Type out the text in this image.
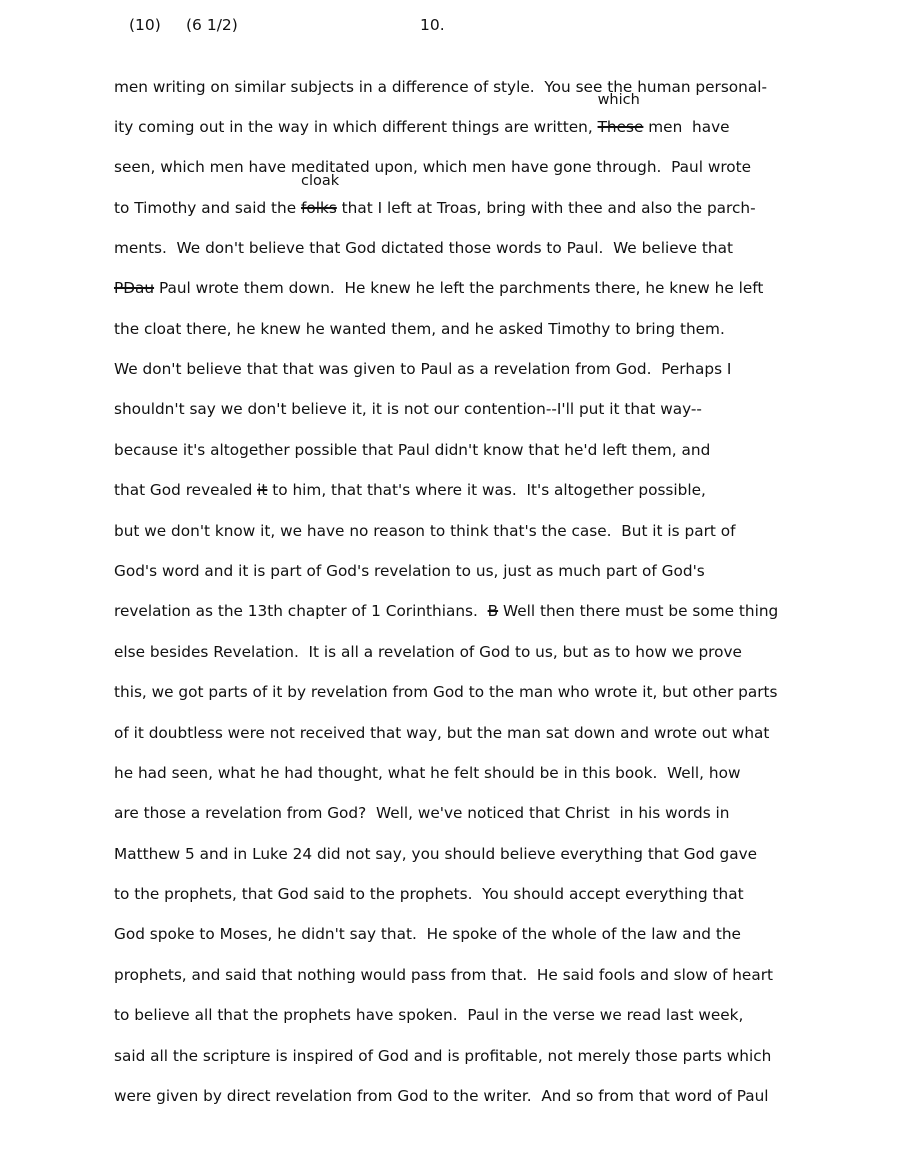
(10) (6 1/2)	10.
men writing on similar subjects in a difference of style.  You see the human personal-
ity coming out in the way in which different things are written,
which
These men  have
seen, which men have meditated upon, which men have gone through.  Paul wrote
to Timothy and said the
cloak
folks that I left at Troas, bring with thee and also the parch-
ments.  We don't believe that God dictated those words to Paul.  We believe that
PDau Paul wrote them down.  He knew he left the parchments there, he knew he left
the cloat there, he knew he wanted them, and he asked Timothy to bring them.
We don't believe that that was given to Paul as a revelation from God.  Perhaps I
shouldn't say we don't believe it, it is not our contention--I'll put it that way--
because it's altogether possible that Paul didn't know that he'd left them, and
that God revealed it to him, that that's where it was.  It's altogether possible,
but we don't know it, we have no reason to think that's the case.  But it is part of
God's word and it is part of God's revelation to us, just as much part of God's
revelation as the 13th chapter of 1 Corinthians.  B Well then there must be some thing
else besides Revelation.  It is all a revelation of God to us, but as to how we prove
this, we got parts of it by revelation from God to the man who wrote it, but other parts
of it doubtless were not received that way, but the man sat down and wrote out what
he had seen, what he had thought, what he felt should be in this book.  Well, how
are those a revelation from God?  Well, we've noticed that Christ  in his words in
Matthew 5 and in Luke 24 did not say, you should believe everything that God gave
to the prophets, that God said to the prophets.  You should accept everything that
God spoke to Moses, he didn't say that.  He spoke of the whole of the law and the
prophets, and said that nothing would pass from that.  He said fools and slow of heart
to believe all that the prophets have spoken.  Paul in the verse we read last week,
said all the scripture is inspired of God and is profitable, not merely those parts which
were given by direct revelation from God to the writer.  And so from that word of Paul
